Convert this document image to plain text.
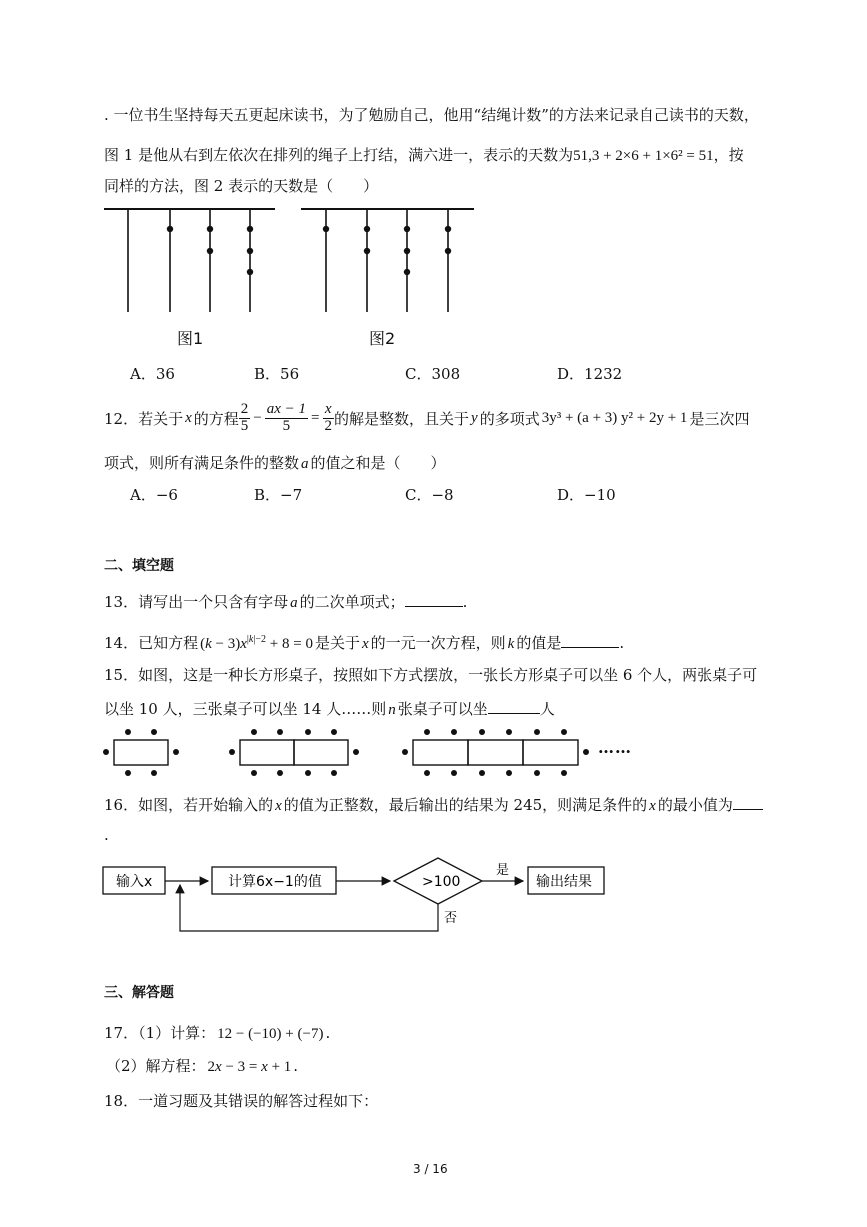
. 一位书生坚持每天五更起床读书，为了勉励自己，他用“结绳计数”的方法来记录自己读书的天数，
图 1 是他从右到左依次在排列的绳子上打结，满六进一，表示的天数为51,3 + 2×6 + 1×6² = 51，按
同样的方法，图 2 表示的天数是（　　）
图1	图2
A．36	B．56	C．308	D．1232
12．若关于 x 的方程 $\frac{2}{5} - \frac{ax - 1}{5} = \frac{x}{2}$ 的解是整数，且关于 y 的多项式 3y³ + (a + 3) y² + 2y + 1 是三次四
项式，则所有满足条件的整数 a 的值之和是（　　）
A．−6	B．−7	C．−8	D．−10
二、填空题
13．请写出一个只含有字母 a 的二次单项式；	.
14．已知方程 $(k - 3)x^{|k|-2} + 8 = 0$ 是关于 x 的一元一次方程，则 k 的值是	.
15．如图，这是一种长方形桌子，按照如下方式摆放，一张长方形桌子可以坐 6 个人，两张桌子可
以坐 10 人，三张桌子可以坐 14 人……则 n 张桌子可以坐	人
……
16．如图，若开始输入的 x 的值为正整数，最后输出的结果为 245，则满足条件的 x 的最小值为
.
输入x	计算6x−1的值	>100
是
输出结果
否
三、解答题
17．（1）计算： 12 − (−10) + (−7) .
（2）解方程： 2x − 3 = x + 1 .
18．一道习题及其错误的解答过程如下：
3 / 16
